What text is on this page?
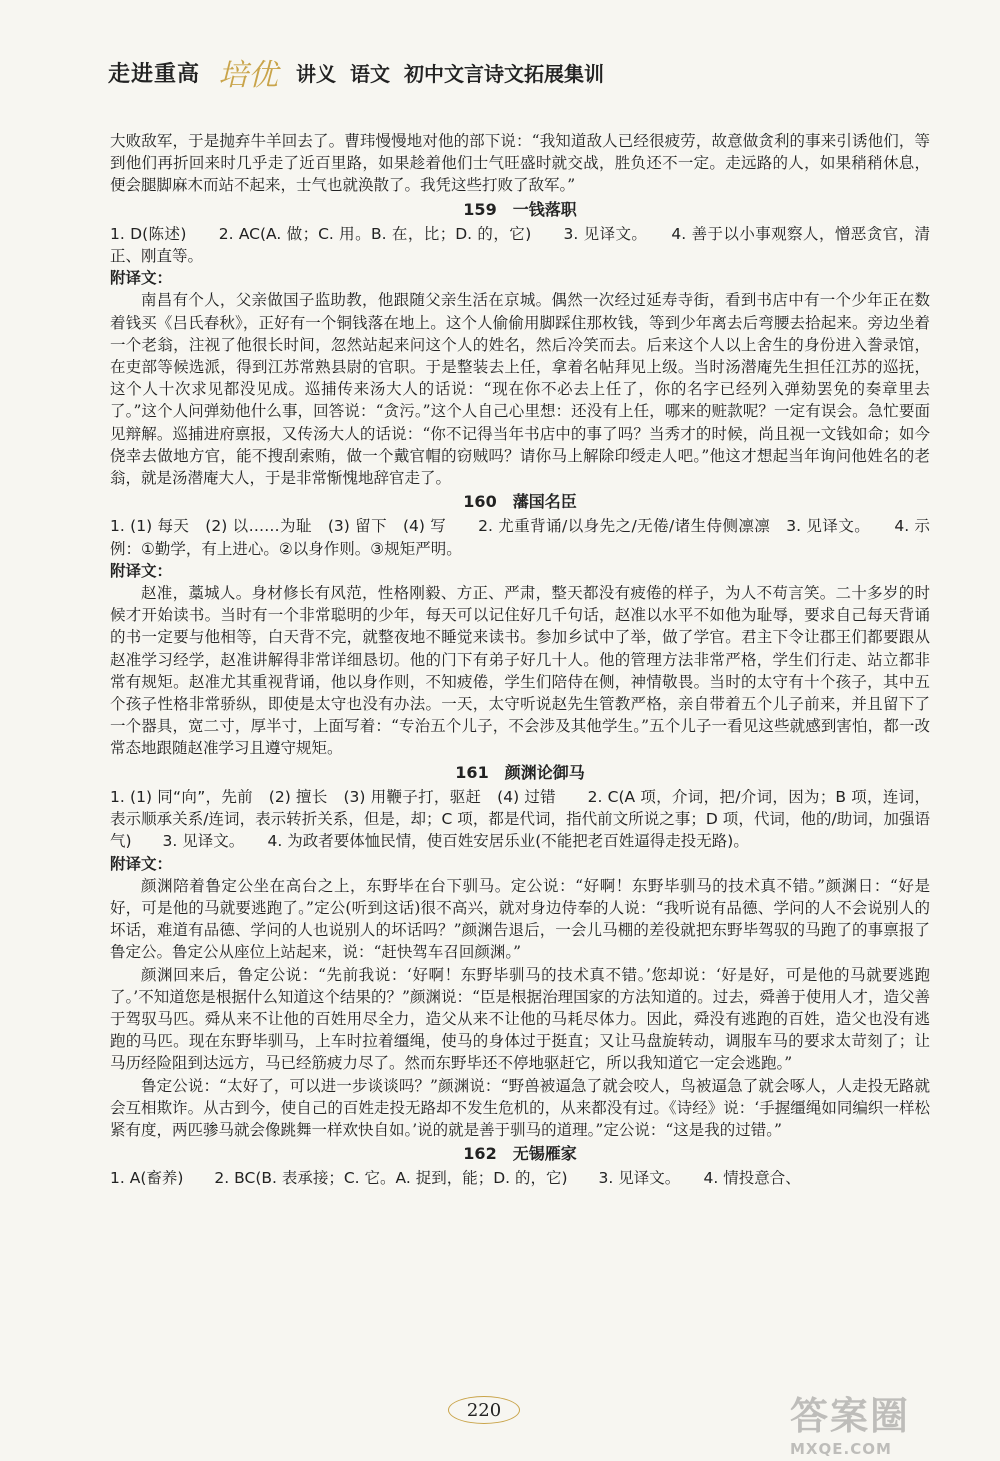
走进重高 培优 讲义 语文 初中文言诗文拓展集训

大败敌军，于是抛弃牛羊回去了。曹玮慢慢地对他的部下说：“我知道敌人已经很疲劳，故意做贪利的事来引诱他们，等到他们再折回来时几乎走了近百里路，如果趁着他们士气旺盛时就交战，胜负还不一定。走远路的人，如果稍稍休息，便会腿脚麻木而站不起来，士气也就涣散了。我凭这些打败了敌军。”

159　一钱落职

1. D(陈述)　　2. AC(A. 做；C. 用。B. 在，比；D. 的，它)　　3. 见译文。　　4. 善于以小事观察人，憎恶贪官，清正、刚直等。

附译文：

南昌有个人，父亲做国子监助教，他跟随父亲生活在京城。偶然一次经过延寿寺街，看到书店中有一个少年正在数着钱买《吕氏春秋》，正好有一个铜钱落在地上。这个人偷偷用脚踩住那枚钱，等到少年离去后弯腰去拾起来。旁边坐着一个老翁，注视了他很长时间，忽然站起来问这个人的姓名，然后冷笑而去。后来这个人以上舍生的身份进入誊录馆，在吏部等候选派，得到江苏常熟县尉的官职。于是整装去上任，拿着名帖拜见上级。当时汤潜庵先生担任江苏的巡抚，这个人十次求见都没见成。巡捕传来汤大人的话说：“现在你不必去上任了，你的名字已经列入弹劾罢免的奏章里去了。”这个人问弹劾他什么事，回答说：“贪污。”这个人自己心里想：还没有上任，哪来的赃款呢？一定有误会。急忙要面见辩解。巡捕进府禀报，又传汤大人的话说：“你不记得当年书店中的事了吗？当秀才的时候，尚且视一文钱如命；如今侥幸去做地方官，能不搜刮索贿，做一个戴官帽的窃贼吗？请你马上解除印绶走人吧。”他这才想起当年询问他姓名的老翁，就是汤潜庵大人，于是非常惭愧地辞官走了。

160　藩国名臣

1. (1) 每天　(2) 以……为耻　(3) 留下　(4) 写　　2. 尤重背诵/以身先之/无倦/诸生侍侧凛凛　3. 见译文。　　4. 示例：①勤学，有上进心。②以身作则。③规矩严明。

附译文：

赵准，藁城人。身材修长有风范，性格刚毅、方正、严肃，整天都没有疲倦的样子，为人不苟言笑。二十多岁的时候才开始读书。当时有一个非常聪明的少年，每天可以记住好几千句话，赵准以水平不如他为耻辱，要求自己每天背诵的书一定要与他相等，白天背不完，就整夜地不睡觉来读书。参加乡试中了举，做了学官。君主下令让郡王们都要跟从赵准学习经学，赵准讲解得非常详细恳切。他的门下有弟子好几十人。他的管理方法非常严格，学生们行走、站立都非常有规矩。赵准尤其重视背诵，他以身作则，不知疲倦，学生们陪侍在侧，神情敬畏。当时的太守有十个孩子，其中五个孩子性格非常骄纵，即使是太守也没有办法。一天，太守听说赵先生管教严格，亲自带着五个儿子前来，并且留下了一个器具，宽二寸，厚半寸，上面写着：“专治五个儿子，不会涉及其他学生。”五个儿子一看见这些就感到害怕，都一改常态地跟随赵准学习且遵守规矩。

161　颜渊论御马

1. (1) 同“向”，先前　(2) 擅长　(3) 用鞭子打，驱赶　(4) 过错　　2. C(A 项，介词，把/介词，因为；B 项，连词，表示顺承关系/连词，表示转折关系，但是，却；C 项，都是代词，指代前文所说之事；D 项，代词，他的/助词，加强语气)　　3. 见译文。　　4. 为政者要体恤民情，使百姓安居乐业(不能把老百姓逼得走投无路)。

附译文：

颜渊陪着鲁定公坐在高台之上，东野毕在台下驯马。定公说：“好啊！东野毕驯马的技术真不错。”颜渊日：“好是好，可是他的马就要逃跑了。”定公(听到这话)很不高兴，就对身边侍奉的人说：“我听说有品德、学问的人不会说别人的坏话，难道有品德、学问的人也说别人的坏话吗？”颜渊告退后，一会儿马棚的差役就把东野毕驾驭的马跑了的事禀报了鲁定公。鲁定公从座位上站起来，说：“赶快驾车召回颜渊。”

颜渊回来后，鲁定公说：“先前我说：‘好啊！东野毕驯马的技术真不错。’您却说：‘好是好，可是他的马就要逃跑了。’不知道您是根据什么知道这个结果的？”颜渊说：“臣是根据治理国家的方法知道的。过去，舜善于使用人才，造父善于驾驭马匹。舜从来不让他的百姓用尽全力，造父从来不让他的马耗尽体力。因此，舜没有逃跑的百姓，造父也没有逃跑的马匹。现在东野毕驯马，上车时拉着缰绳，使马的身体过于挺直；又让马盘旋转动，调服车马的要求太苛刻了；让马历经险阻到达远方，马已经筋疲力尽了。然而东野毕还不停地驱赶它，所以我知道它一定会逃跑。”

鲁定公说：“太好了，可以进一步谈谈吗？”颜渊说：“野兽被逼急了就会咬人，鸟被逼急了就会啄人，人走投无路就会互相欺诈。从古到今，使自己的百姓走投无路却不发生危机的，从来都没有过。《诗经》说：‘手握缰绳如同编织一样松紧有度，两匹骖马就会像跳舞一样欢快自如。’说的就是善于驯马的道理。”定公说：“这是我的过错。”

162　无锡雁家

1. A(畜养)　　2. BC(B. 表承接；C. 它。A. 捉到，能；D. 的，它)　　3. 见译文。　　4. 情投意合、

220	答案圈
MXQE.COM
